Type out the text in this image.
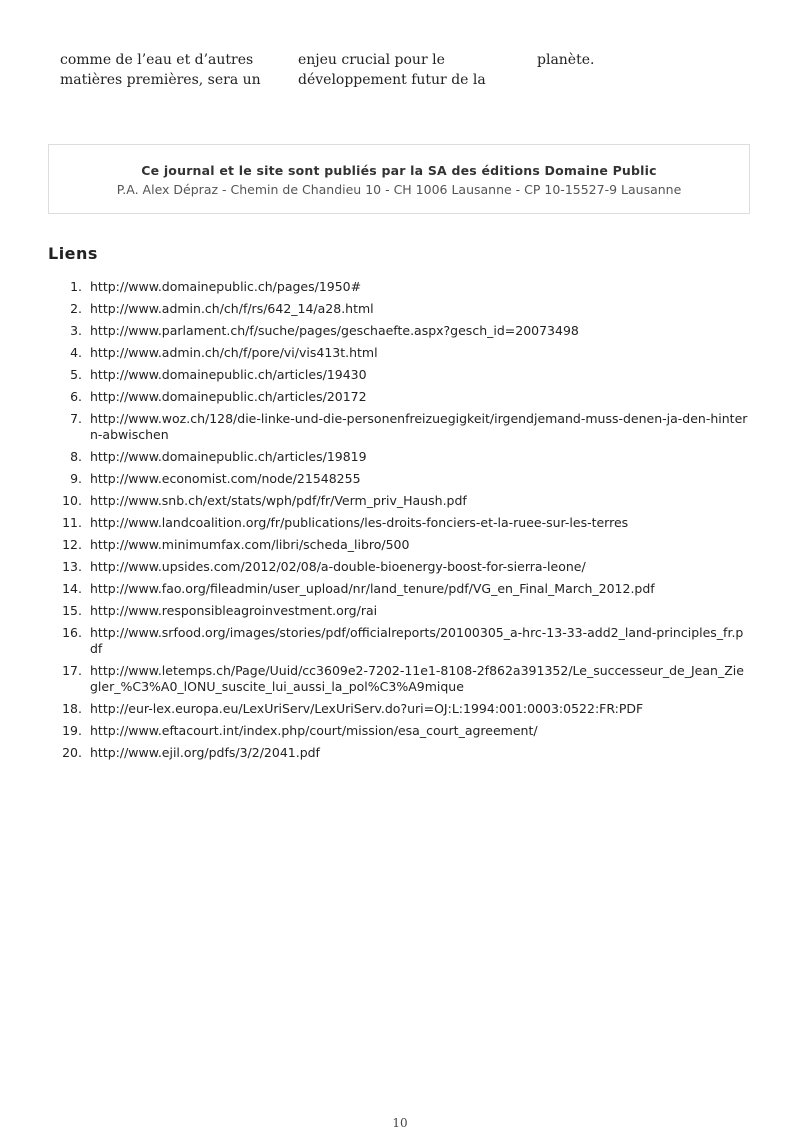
comme de l’eau et d’autres
matières premières, sera un
enjeu crucial pour le
développement futur de la
planète.
Ce journal et le site sont publiés par la SA des éditions Domaine Public
P.A. Alex Dépraz - Chemin de Chandieu 10 - CH 1006 Lausanne - CP 10-15527-9 Lausanne
Liens
1. http://www.domainepublic.ch/pages/1950#
2. http://www.admin.ch/ch/f/rs/642_14/a28.html
3. http://www.parlament.ch/f/suche/pages/geschaefte.aspx?gesch_id=20073498
4. http://www.admin.ch/ch/f/pore/vi/vis413t.html
5. http://www.domainepublic.ch/articles/19430
6. http://www.domainepublic.ch/articles/20172
7. http://www.woz.ch/128/die-linke-und-die-personenfreizuegigkeit/irgendjemand-muss-denen-ja-den-hintern-abwischen
8. http://www.domainepublic.ch/articles/19819
9. http://www.economist.com/node/21548255
10. http://www.snb.ch/ext/stats/wph/pdf/fr/Verm_priv_Haush.pdf
11. http://www.landcoalition.org/fr/publications/les-droits-fonciers-et-la-ruee-sur-les-terres
12. http://www.minimumfax.com/libri/scheda_libro/500
13. http://www.upsides.com/2012/02/08/a-double-bioenergy-boost-for-sierra-leone/
14. http://www.fao.org/fileadmin/user_upload/nr/land_tenure/pdf/VG_en_Final_March_2012.pdf
15. http://www.responsibleagroinvestment.org/rai
16. http://www.srfood.org/images/stories/pdf/officialreports/20100305_a-hrc-13-33-add2_land-principles_fr.pdf
17. http://www.letemps.ch/Page/Uuid/cc3609e2-7202-11e1-8108-2f862a391352/Le_successeur_de_Jean_Ziegler_%C3%A0_lONU_suscite_lui_aussi_la_pol%C3%A9mique
18. http://eur-lex.europa.eu/LexUriServ/LexUriServ.do?uri=OJ:L:1994:001:0003:0522:FR:PDF
19. http://www.eftacourt.int/index.php/court/mission/esa_court_agreement/
20. http://www.ejil.org/pdfs/3/2/2041.pdf
10
